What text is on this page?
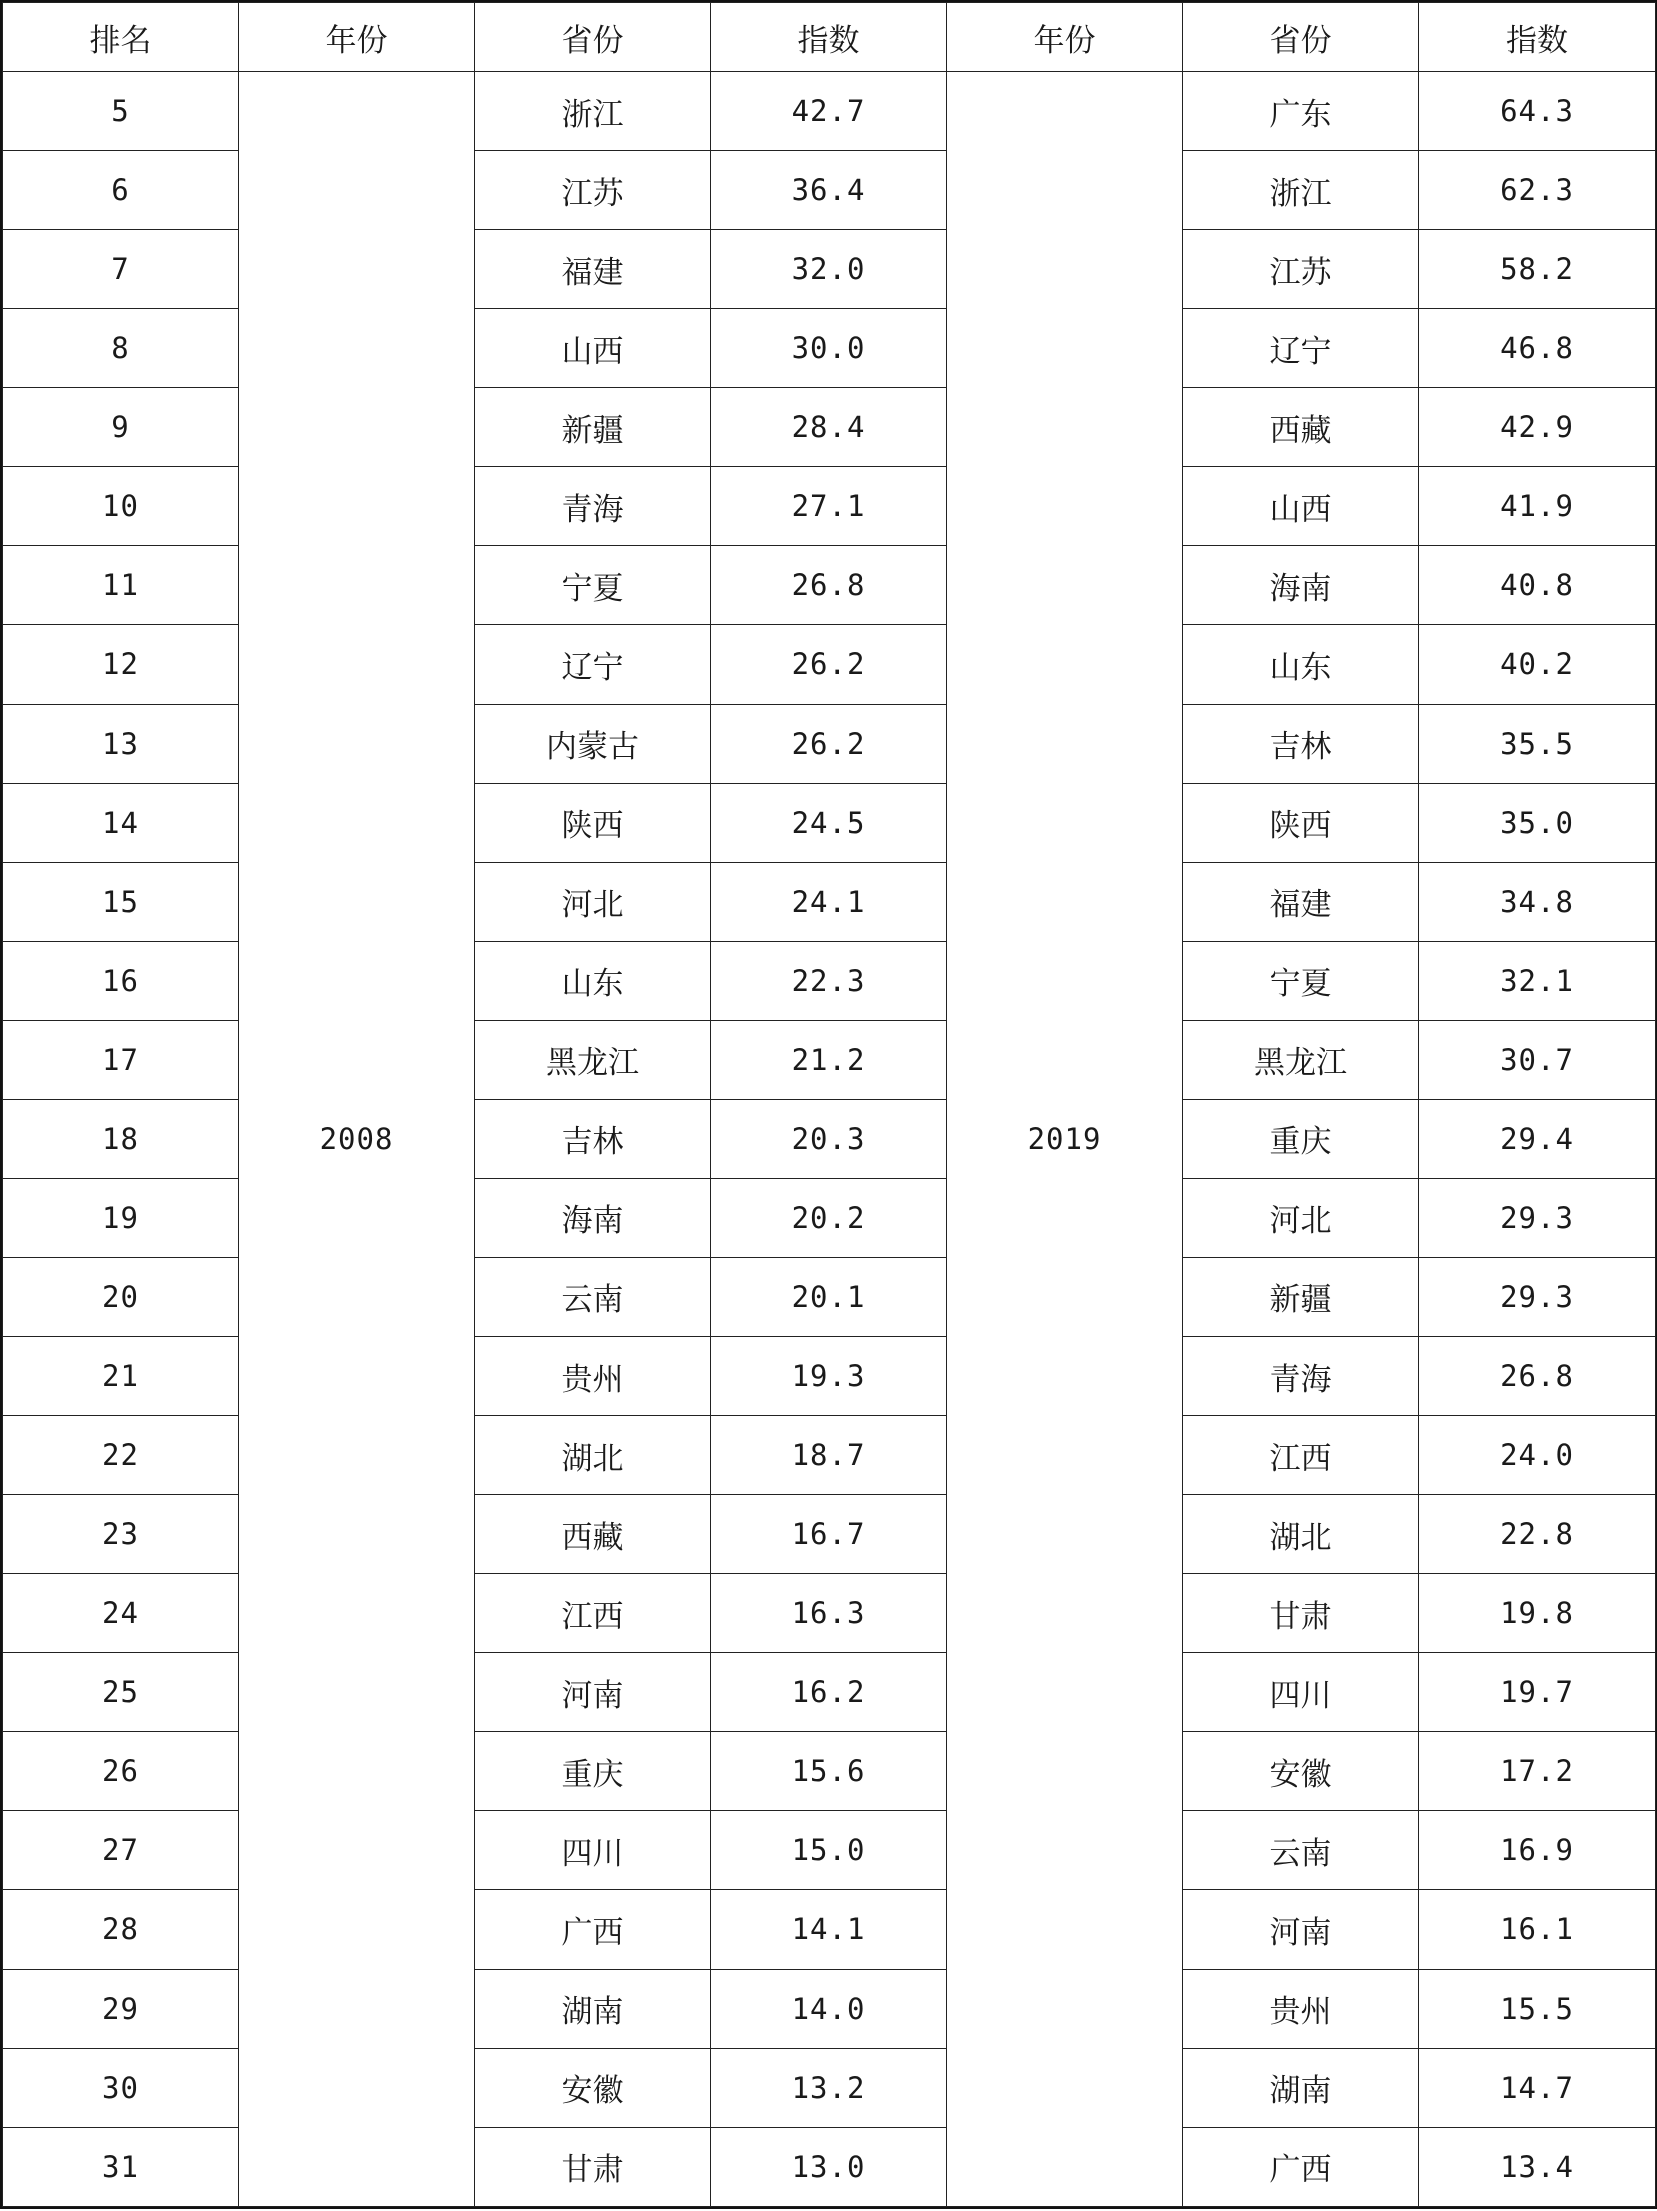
排名	年份	省份	指数	年份	省份	指数
5	2008	浙江	42.7	2019	广东	64.3
6		江苏	36.4		浙江	62.3
7		福建	32.0		江苏	58.2
8		山西	30.0		辽宁	46.8
9		新疆	28.4		西藏	42.9
10		青海	27.1		山西	41.9
11		宁夏	26.8		海南	40.8
12		辽宁	26.2		山东	40.2
13		内蒙古	26.2		吉林	35.5
14		陕西	24.5		陕西	35.0
15		河北	24.1		福建	34.8
16		山东	22.3		宁夏	32.1
17		黑龙江	21.2		黑龙江	30.7
18		吉林	20.3		重庆	29.4
19		海南	20.2		河北	29.3
20		云南	20.1		新疆	29.3
21		贵州	19.3		青海	26.8
22		湖北	18.7		江西	24.0
23		西藏	16.7		湖北	22.8
24		江西	16.3		甘肃	19.8
25		河南	16.2		四川	19.7
26		重庆	15.6		安徽	17.2
27		四川	15.0		云南	16.9
28		广西	14.1		河南	16.1
29		湖南	14.0		贵州	15.5
30		安徽	13.2		湖南	14.7
31		甘肃	13.0		广西	13.4
